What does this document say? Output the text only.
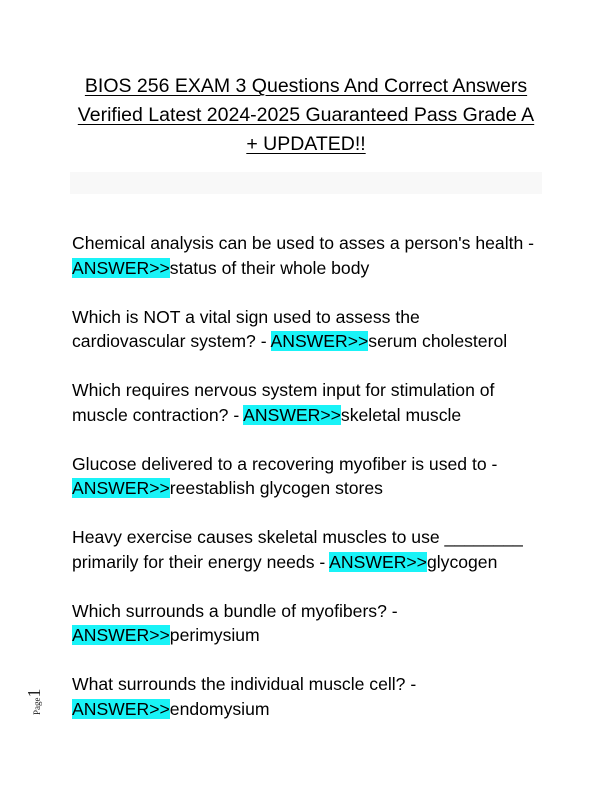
BIOS 256 EXAM 3 Questions And Correct Answers
Verified Latest 2024-2025 Guaranteed Pass Grade A
+ UPDATED!!
Chemical analysis can be used to asses a person's health -
ANSWER>>status of their whole body
Which is NOT a vital sign used to assess the
cardiovascular system? - ANSWER>>serum cholesterol
Which requires nervous system input for stimulation of
muscle contraction? - ANSWER>>skeletal muscle
Glucose delivered to a recovering myofiber is used to -
ANSWER>>reestablish glycogen stores
Heavy exercise causes skeletal muscles to use ________
primarily for their energy needs - ANSWER>>glycogen
Which surrounds a bundle of myofibers? -
ANSWER>>perimysium
What surrounds the individual muscle cell? -
ANSWER>>endomysium
Page1
